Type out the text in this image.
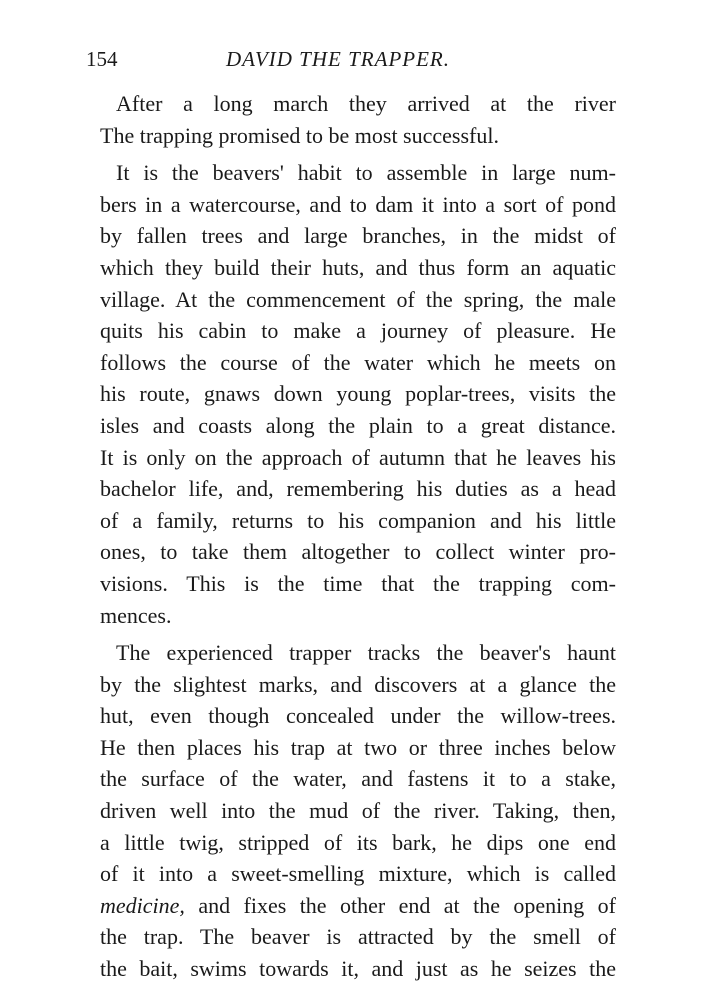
154	DAVID THE TRAPPER.
After a long march they arrived at the river
The trapping promised to be most successful.
It is the beavers' habit to assemble in large num-
bers in a watercourse, and to dam it into a sort of pond
by fallen trees and large branches, in the midst of
which they build their huts, and thus form an aquatic
village. At the commencement of the spring, the male
quits his cabin to make a journey of pleasure. He
follows the course of the water which he meets on
his route, gnaws down young poplar-trees, visits the
isles and coasts along the plain to a great distance.
It is only on the approach of autumn that he leaves his
bachelor life, and, remembering his duties as a head
of a family, returns to his companion and his little
ones, to take them altogether to collect winter pro-
visions. This is the time that the trapping com-
mences.
The experienced trapper tracks the beaver's haunt
by the slightest marks, and discovers at a glance the
hut, even though concealed under the willow-trees.
He then places his trap at two or three inches below
the surface of the water, and fastens it to a stake,
driven well into the mud of the river. Taking, then,
a little twig, stripped of its bark, he dips one end
of it into a sweet-smelling mixture, which is called
medicine, and fixes the other end at the opening of
the trap. The beaver is attracted by the smell of
the bait, swims towards it, and just as he seizes the
